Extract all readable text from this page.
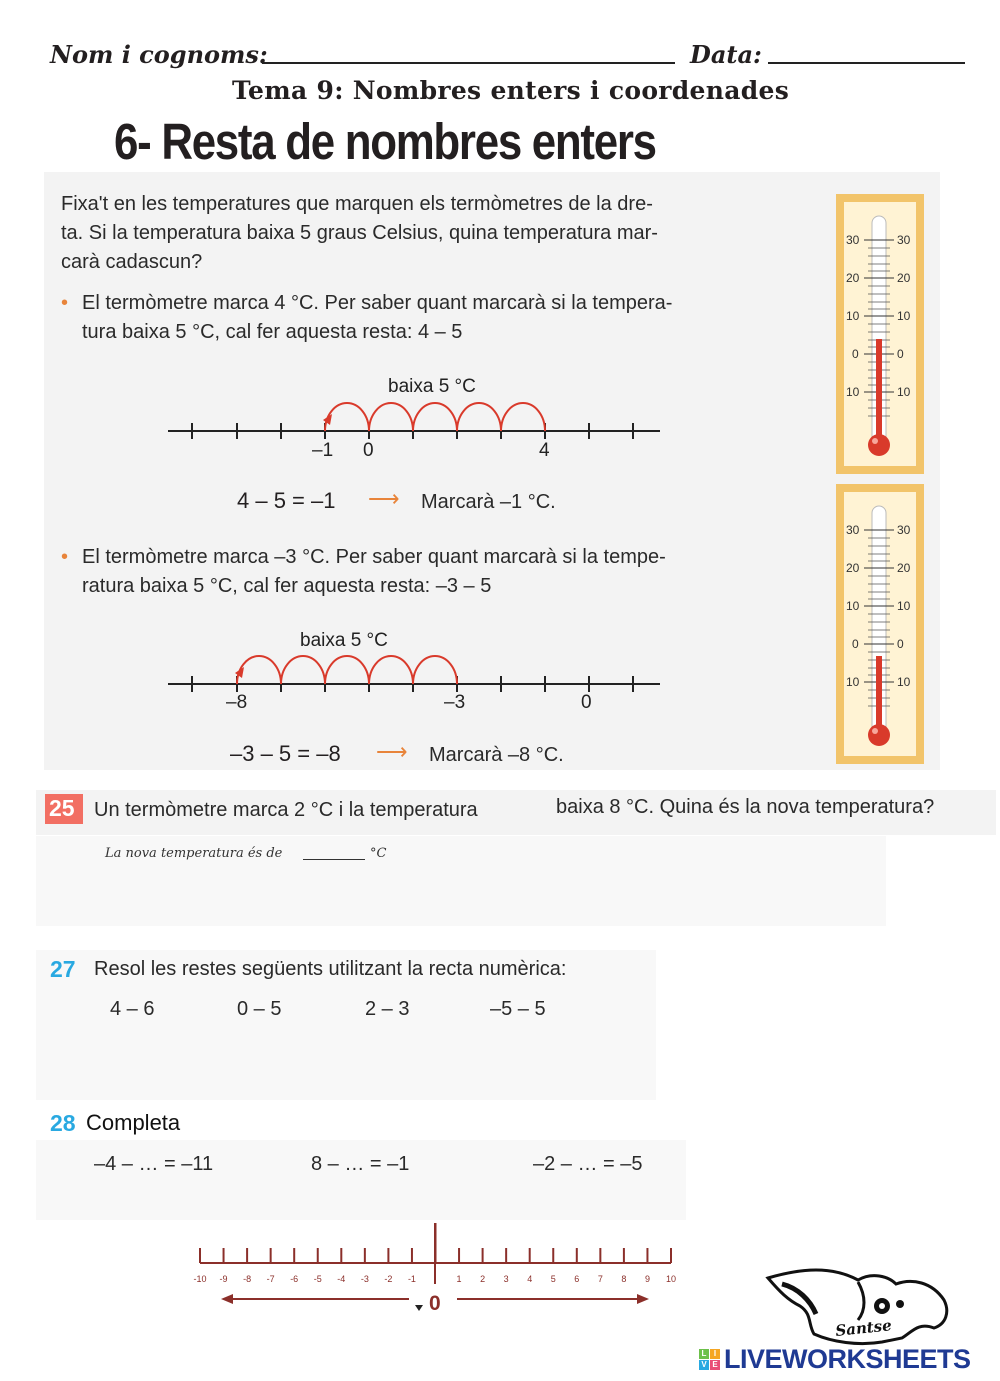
Nom i cognoms:	Data:
Tema 9: Nombres enters i coordenades
6- Resta de nombres enters
Fixa't en les temperatures que marquen els termòmetres de la dre-
ta. Si la temperatura baixa 5 graus Celsius, quina temperatura mar-
carà cadascun?
• El termòmetre marca 4 °C. Per saber quant marcarà si la tempera-
tura baixa 5 °C, cal fer aquesta resta: 4 – 5
baixa 5 °C
–1 0	4
4 – 5 = –1 ⟶ Marcarà –1 °C.
• El termòmetre marca –3 °C. Per saber quant marcarà si la tempe-
ratura baixa 5 °C, cal fer aquesta resta: –3 – 5
baixa 5 °C
–8	–3	0
–3 – 5 = –8 ⟶ Marcarà –8 °C.
30	30
20	20
10	10
0	0
10	10
30	30
20	20
10	10
0	0
10	10
25 Un termòmetre marca 2 °C i la temperatura	baixa 8 °C. Quina és la nova temperatura?
La nova temperatura és de	°C
27 Resol les restes següents utilitzant la recta numèrica:
4 – 6	0 – 5	2 – 3	–5 – 5
28 Completa
–4 – … = –11	8 – … = –1	–2 – … = –5
-10 -9 -8 -7 -6 -5 -4 -3 -2 -1	1 2 3 4 5 6 7 8 9 10
0
Santse
L I
V E LIVEWORKSHEETS
